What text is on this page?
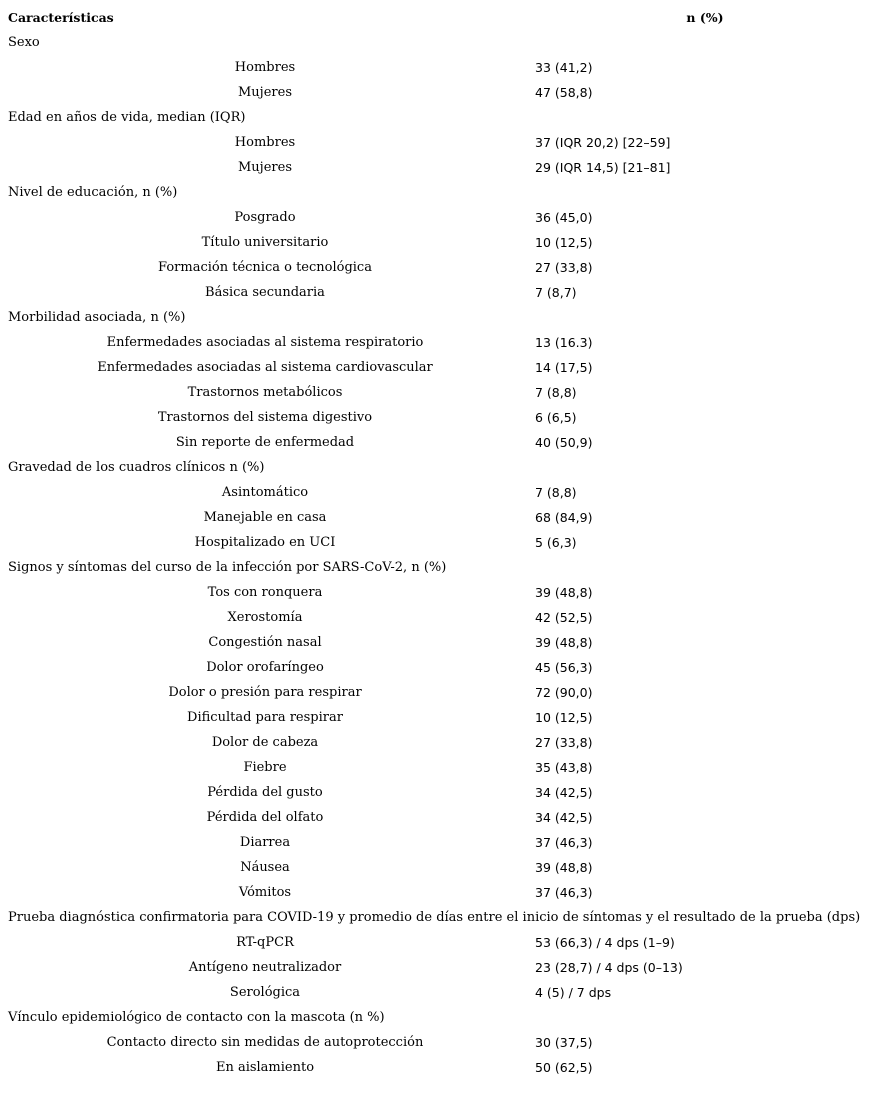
Características	n (%)
Sexo
Hombres	33 (41,2)
Mujeres	47 (58,8)
Edad en años de vida, median (IQR)
Hombres	37 (IQR 20,2) [22–59]
Mujeres	29 (IQR 14,5) [21–81]
Nivel de educación, n (%)
Posgrado	36 (45,0)
Título universitario	10 (12,5)
Formación técnica o tecnológica	27 (33,8)
Básica secundaria	7 (8,7)
Morbilidad asociada, n (%)
Enfermedades asociadas al sistema respiratorio	13 (16.3)
Enfermedades asociadas al sistema cardiovascular	14 (17,5)
Trastornos metabólicos	7 (8,8)
Trastornos del sistema digestivo	6 (6,5)
Sin reporte de enfermedad	40 (50,9)
Gravedad de los cuadros clínicos n (%)
Asintomático	7 (8,8)
Manejable en casa	68 (84,9)
Hospitalizado en UCI	5 (6,3)
Signos y síntomas del curso de la infección por SARS-CoV-2, n (%)
Tos con ronquera	39 (48,8)
Xerostomía	42 (52,5)
Congestión nasal	39 (48,8)
Dolor orofaríngeo	45 (56,3)
Dolor o presión para respirar	72 (90,0)
Dificultad para respirar	10 (12,5)
Dolor de cabeza	27 (33,8)
Fiebre	35 (43,8)
Pérdida del gusto	34 (42,5)
Pérdida del olfato	34 (42,5)
Diarrea	37 (46,3)
Náusea	39 (48,8)
Vómitos	37 (46,3)
Prueba diagnóstica confirmatoria para COVID-19 y promedio de días entre el inicio de síntomas y el resultado de la prueba (dps)
RT-qPCR	53 (66,3) / 4 dps (1–9)
Antígeno neutralizador	23 (28,7) / 4 dps (0–13)
Serológica	4 (5) / 7 dps
Vínculo epidemiológico de contacto con la mascota (n %)
Contacto directo sin medidas de autoprotección	30 (37,5)
En aislamiento	50 (62,5)
